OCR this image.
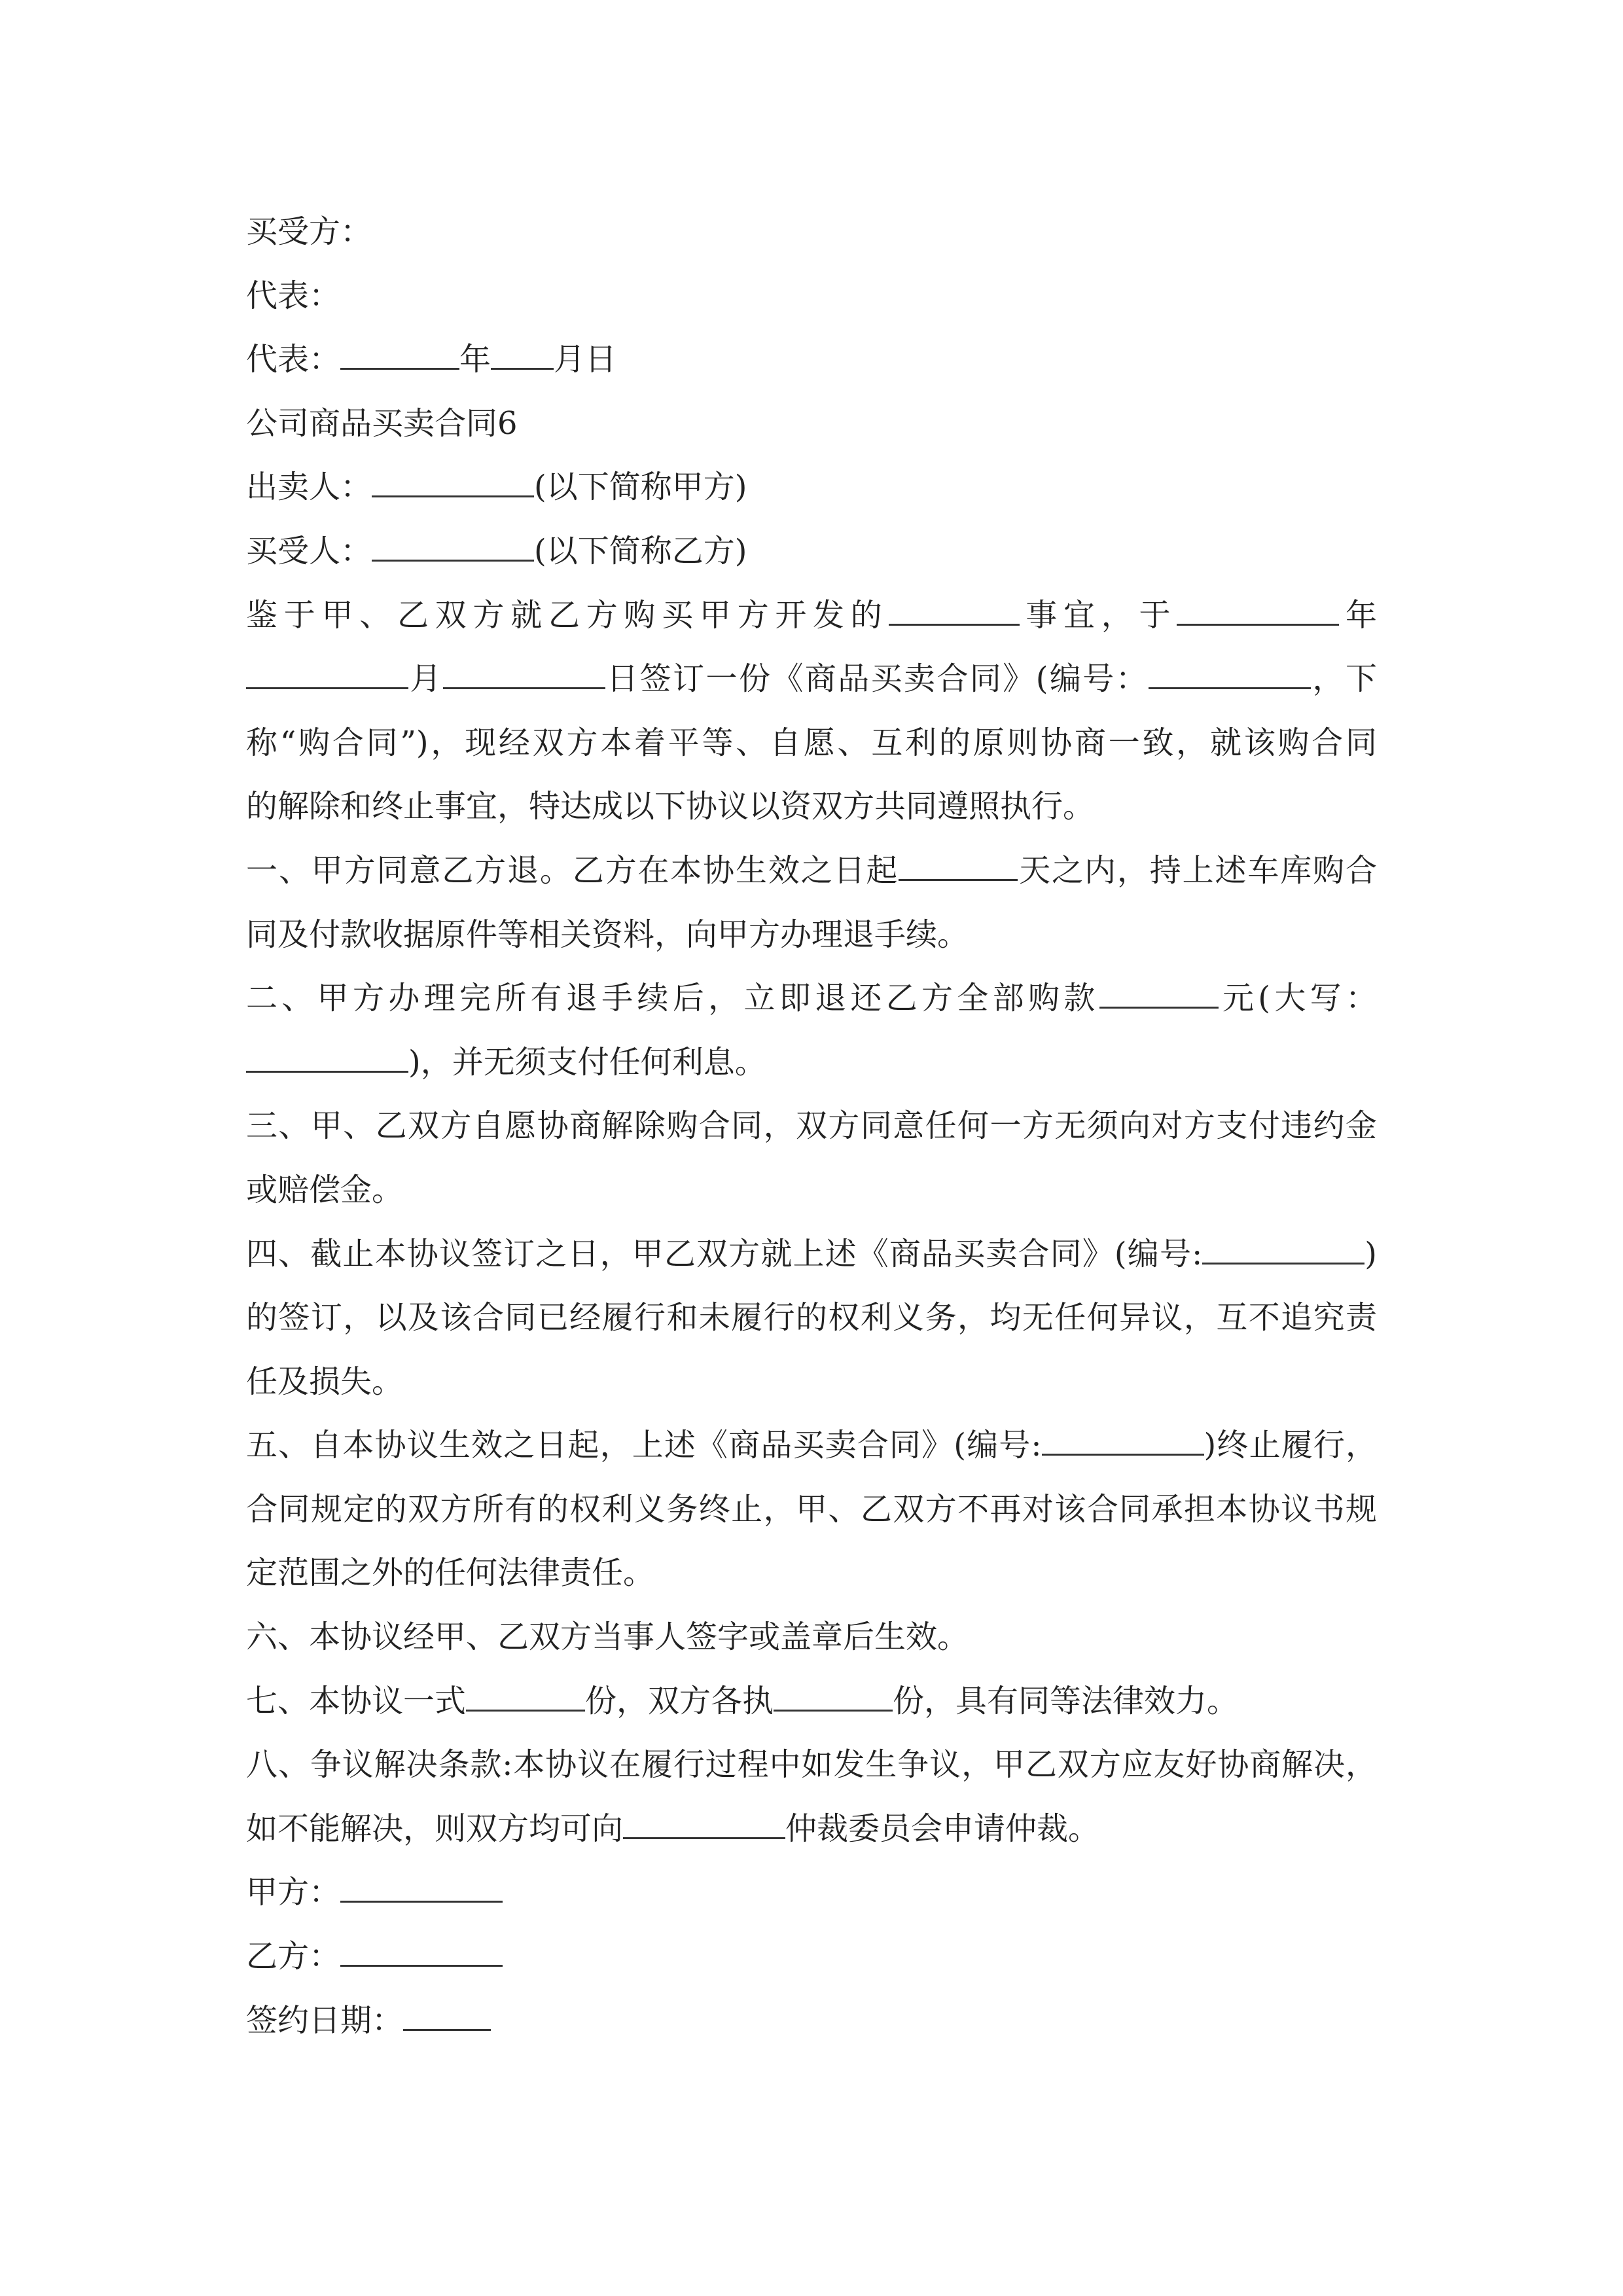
买受方：
代表：
代表：	年 月日
公司商品买卖合同6
出卖人：	(以下简称甲方)
买受人：	(以下简称乙方)
鉴于甲、乙双方就乙方购买甲方开发的	事宜，于	年
月	日签订一份《商品买卖合同》(编号：	，下
称“购合同”)，现经双方本着平等、自愿、互利的原则协商一致，就该购合同
的解除和终止事宜，特达成以下协议以资双方共同遵照执行。
一、甲方同意乙方退。乙方在本协生效之日起	天之内，持上述车库购合
同及付款收据原件等相关资料，向甲方办理退手续。
二、甲方办理完所有退手续后，立即退还乙方全部购款	元(大写：
)，并无须支付任何利息。
三、甲、乙双方自愿协商解除购合同，双方同意任何一方无须向对方支付违约金
或赔偿金。
四、截止本协议签订之日，甲乙双方就上述《商品买卖合同》(编号:	)
的签订，以及该合同已经履行和未履行的权利义务，均无任何异议，互不追究责
任及损失。
五、自本协议生效之日起，上述《商品买卖合同》(编号:	)终止履行，
合同规定的双方所有的权利义务终止，甲、乙双方不再对该合同承担本协议书规
定范围之外的任何法律责任。
六、本协议经甲、乙双方当事人签字或盖章后生效。
七、本协议一式	份，双方各执	份，具有同等法律效力。
八、争议解决条款:本协议在履行过程中如发生争议，甲乙双方应友好协商解决，
如不能解决，则双方均可向	仲裁委员会申请仲裁。
甲方：
乙方：
签约日期：
